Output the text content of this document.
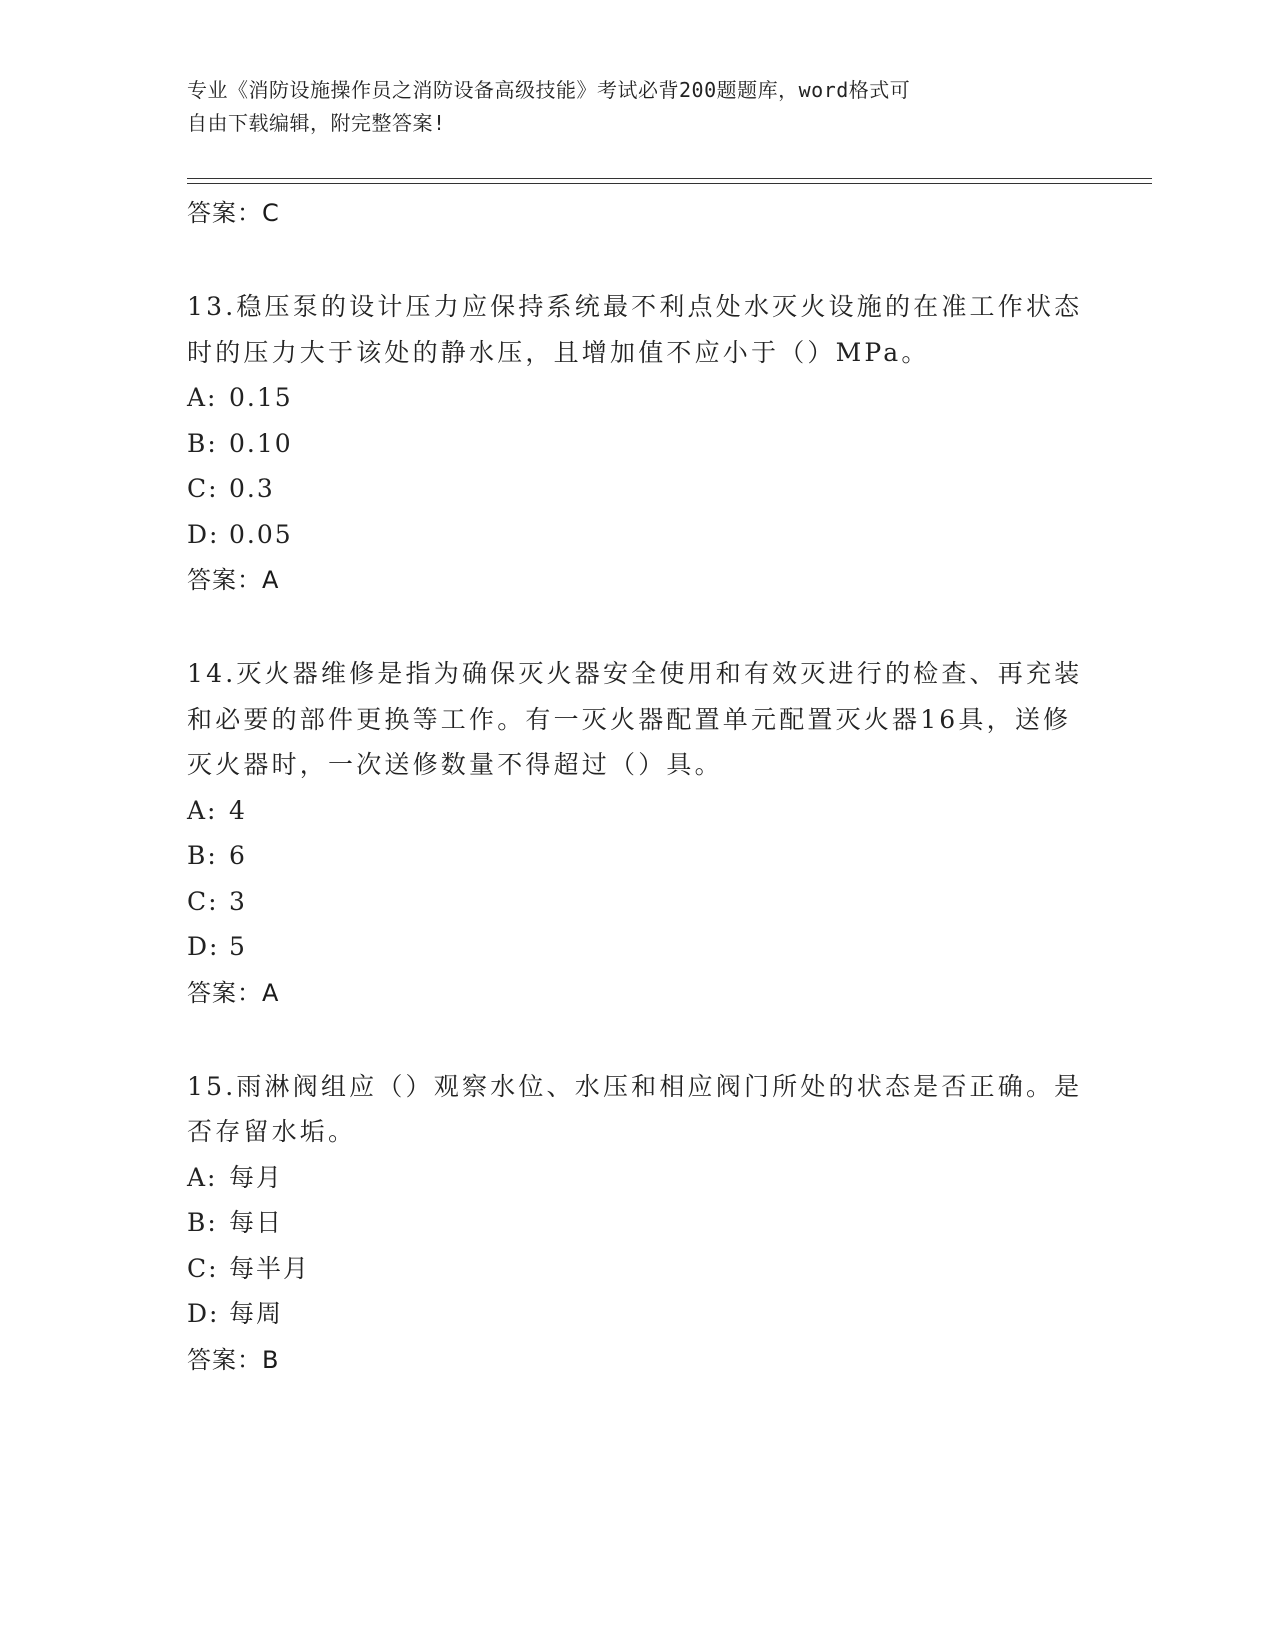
专业《消防设施操作员之消防设备高级技能》考试必背200题题库，word格式可
自由下载编辑，附完整答案!
答案：C
13.稳压泵的设计压力应保持系统最不利点处水灭火设施的在准工作状态时的压力大于该处的静水压，且增加值不应小于（）MPa。
A: 0.15
B: 0.10
C: 0.3
D: 0.05
答案：A
14.灭火器维修是指为确保灭火器安全使用和有效灭进行的检查、再充装和必要的部件更换等工作。有一灭火器配置单元配置灭火器16具，送修灭火器时，一次送修数量不得超过（）具。
A: 4
B: 6
C: 3
D: 5
答案：A
15.雨淋阀组应（）观察水位、水压和相应阀门所处的状态是否正确。是否存留水垢。
A: 每月
B: 每日
C: 每半月
D: 每周
答案：B
